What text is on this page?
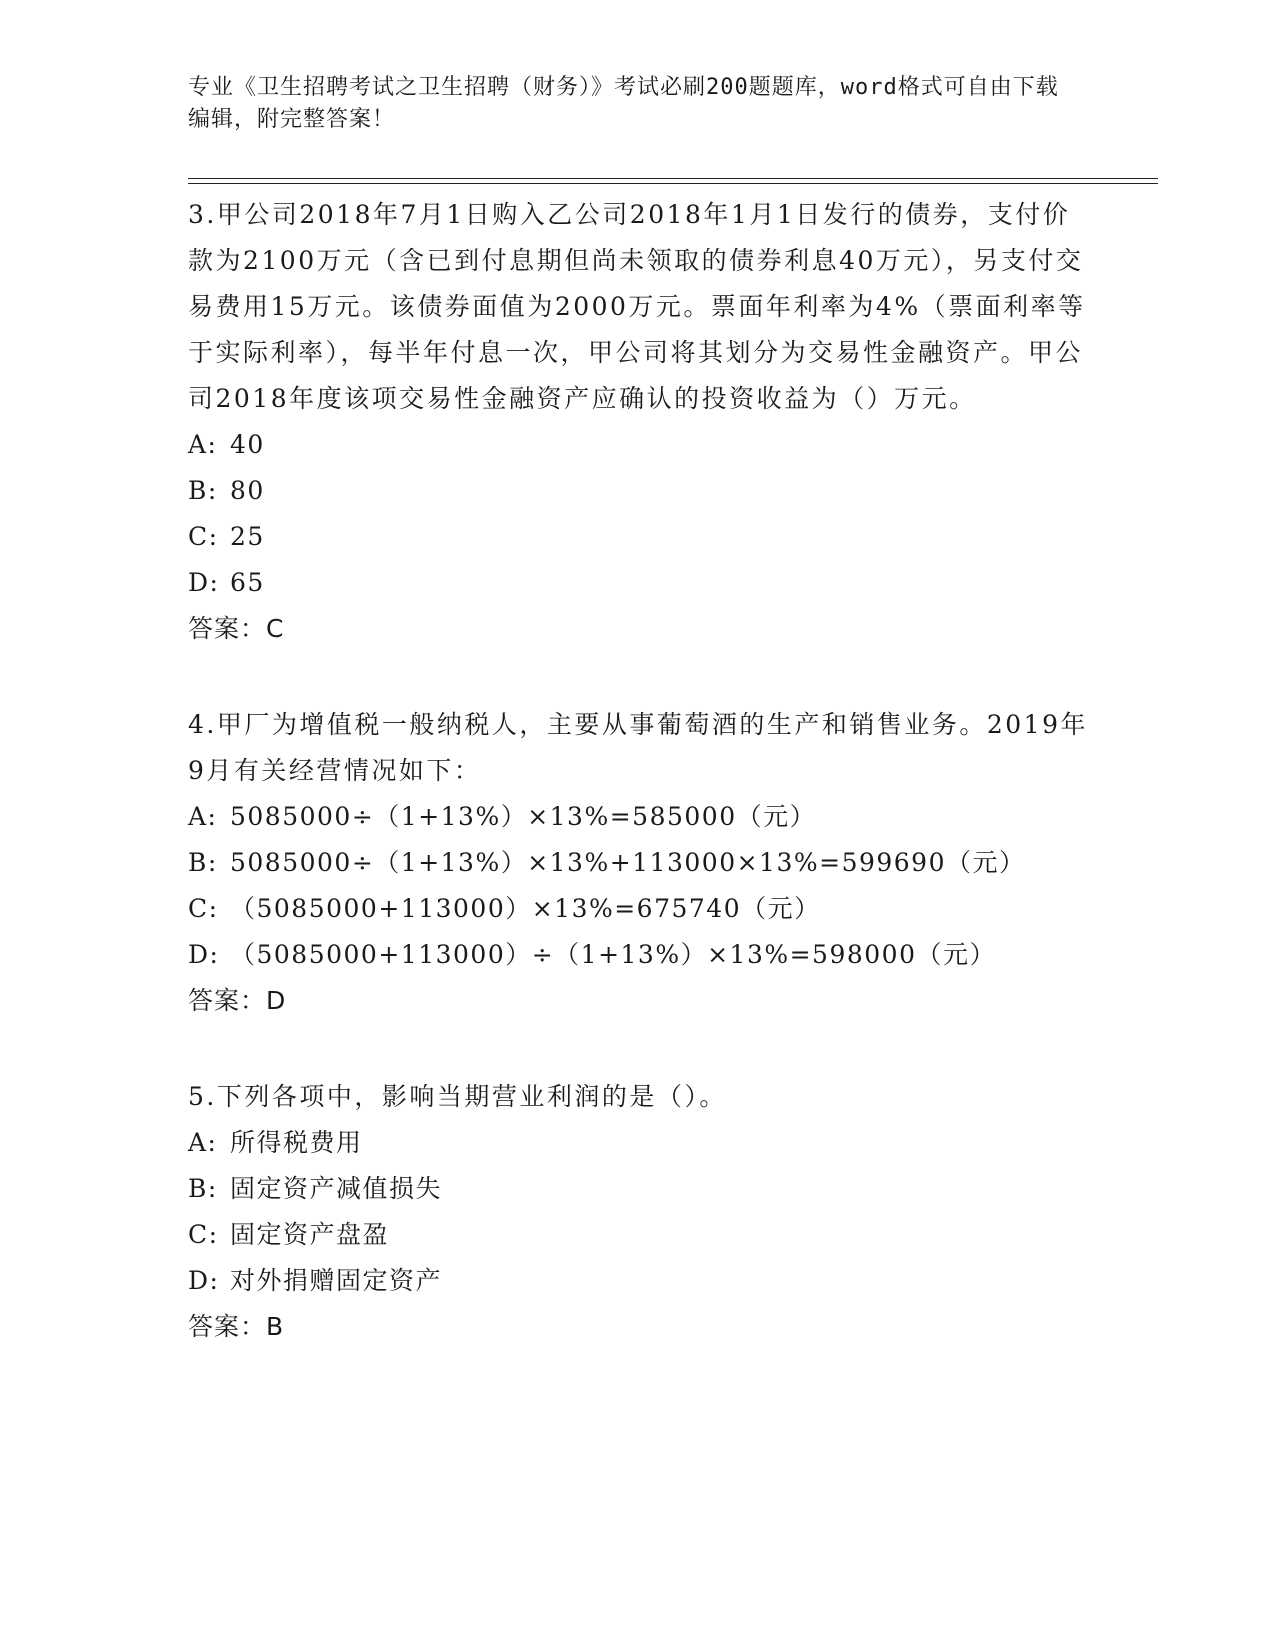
专业《卫生招聘考试之卫生招聘（财务）》考试必刷200题题库，word格式可自由下载编辑，附完整答案！

3.甲公司2018年7月1日购入乙公司2018年1月1日发行的债券，支付价款为2100万元（含已到付息期但尚未领取的债券利息40万元），另支付交易费用15万元。该债券面值为2000万元。票面年利率为4%（票面利率等于实际利率），每半年付息一次，甲公司将其划分为交易性金融资产。甲公司2018年度该项交易性金融资产应确认的投资收益为（）万元。

A: 40

B: 80

C: 25

D: 65

答案：C

4.甲厂为增值税一般纳税人，主要从事葡萄酒的生产和销售业务。2019年9月有关经营情况如下：

A: 5085000÷（1+13%）×13%=585000（元）

B: 5085000÷（1+13%）×13%+113000×13%=599690（元）

C: （5085000+113000）×13%=675740（元）

D: （5085000+113000）÷（1+13%）×13%=598000（元）

答案：D

5.下列各项中，影响当期营业利润的是（）。

A: 所得税费用

B: 固定资产减值损失

C: 固定资产盘盈

D: 对外捐赠固定资产

答案：B
